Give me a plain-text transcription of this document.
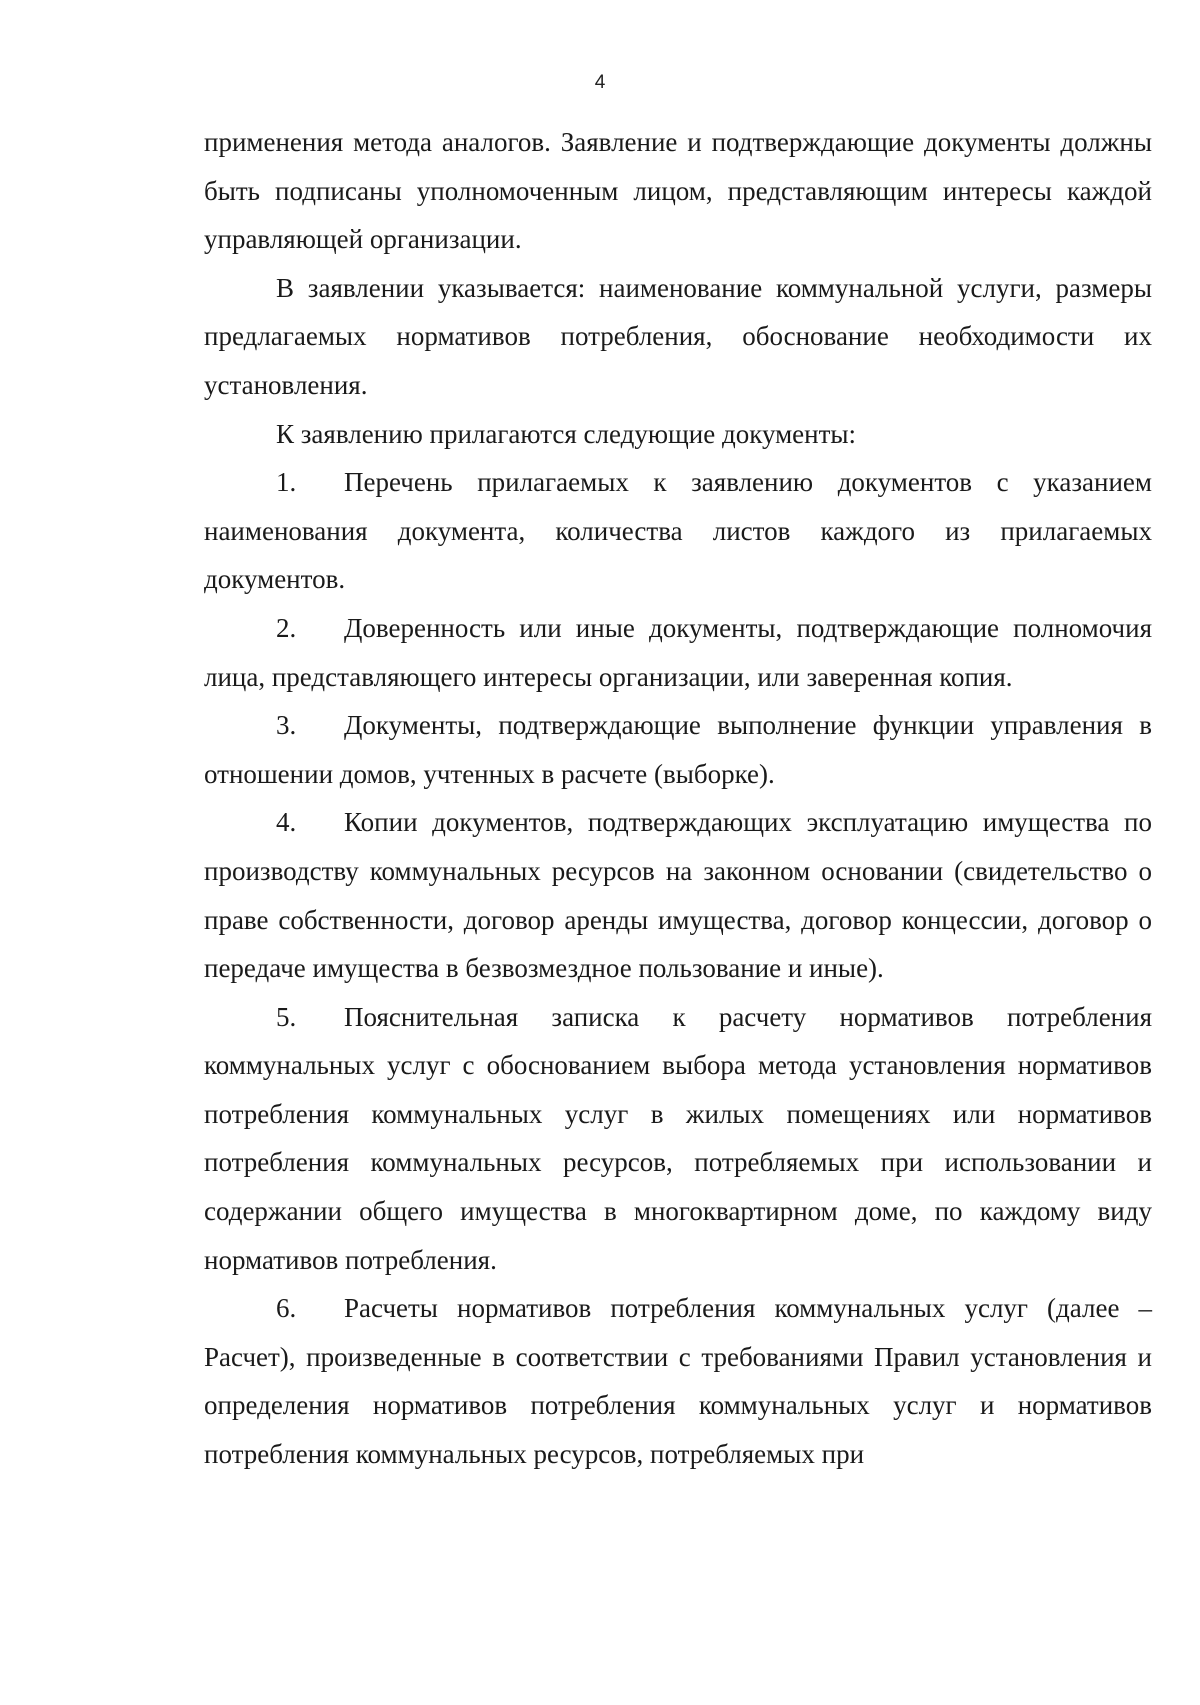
4

применения метода аналогов. Заявление и подтверждающие документы должны быть подписаны уполномоченным лицом, представляющим интересы каждой управляющей организации.

В заявлении указывается: наименование коммунальной услуги, размеры предлагаемых нормативов потребления, обоснование необходимости их установления.

К заявлению прилагаются следующие документы:

1. Перечень прилагаемых к заявлению документов с указанием наименования документа, количества листов каждого из прилагаемых документов.

2. Доверенность или иные документы, подтверждающие полномочия лица, представляющего интересы организации, или заверенная копия.

3. Документы, подтверждающие выполнение функции управления в отношении домов, учтенных в расчете (выборке).

4. Копии документов, подтверждающих эксплуатацию имущества по производству коммунальных ресурсов на законном основании (свидетельство о праве собственности, договор аренды имущества, договор концессии, договор о передаче имущества в безвозмездное пользование и иные).

5. Пояснительная записка к расчету нормативов потребления коммунальных услуг с обоснованием выбора метода установления нормативов потребления коммунальных услуг в жилых помещениях или нормативов потребления коммунальных ресурсов, потребляемых при использовании и содержании общего имущества в многоквартирном доме, по каждому виду нормативов потребления.

6. Расчеты нормативов потребления коммунальных услуг (далее – Расчет), произведенные в соответствии с требованиями Правил установления и определения нормативов потребления коммунальных услуг и нормативов потребления коммунальных ресурсов, потребляемых при
